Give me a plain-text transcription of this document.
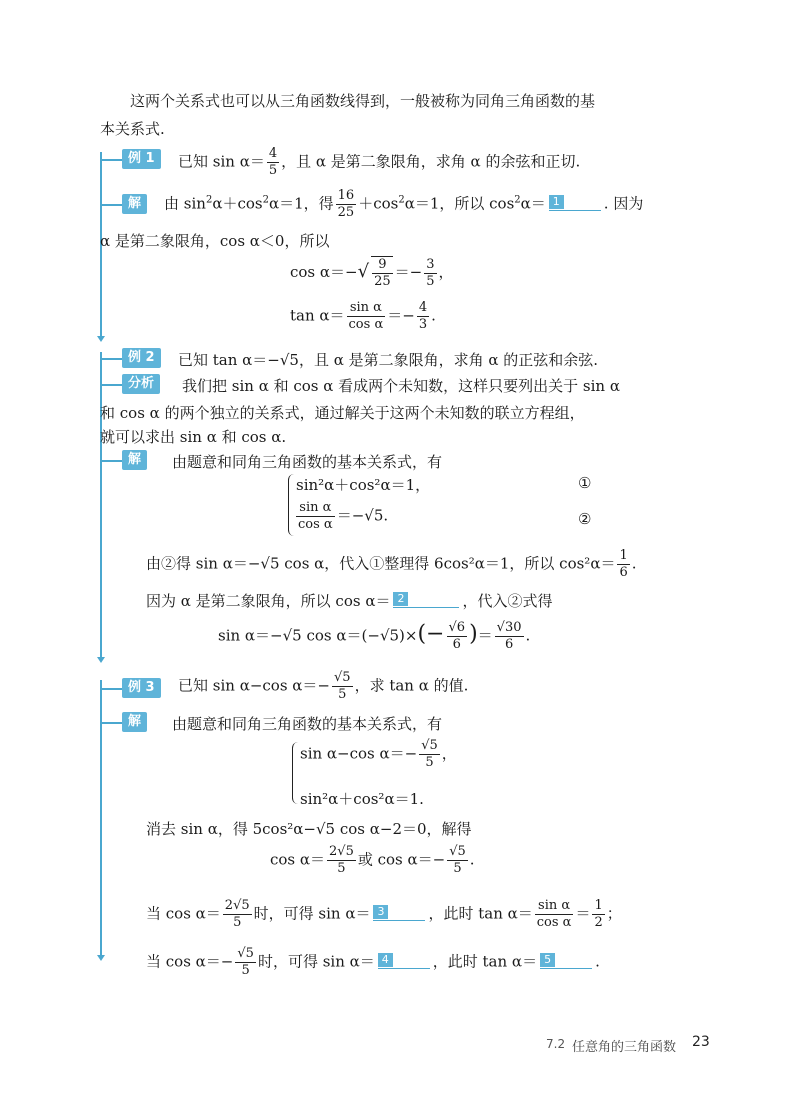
这两个关系式也可以从三角函数线得到，一般被称为同角三角函数的基
本关系式.
例 1	已知 $\sin \alpha= \frac{4}{5}$ ，且 α 是第二象限角，求角 α 的余弦和正切.
解	由 $\sin^2\alpha+\cos^2\alpha=1$，得 $\frac{16}{25} +\cos^2\alpha=1$，所以 $\cos^2\alpha= 1$	. 因为
α 是第二象限角，cos α＜0，所以
$\cos \alpha=-√ \frac{9}{25} =- \frac{3}{5}$ ，
$\tan \alpha= \frac{\text{sin α}}{\text{cos α}} =- \frac{4}{3}$ .
例 2	已知 tan α＝−√5，且 α 是第二象限角，求角 α 的正弦和余弦.
分析	我们把 sin α 和 cos α 看成两个未知数，这样只要列出关于 sin α
和 cos α 的两个独立的关系式，通过解关于这两个未知数的联立方程组，
就可以求出 sin α 和 cos α.
解	由题意和同角三角函数的基本关系式，有
sin²α＋cos²α＝1，	①
$\frac{\text{sin α}}{\text{cos α}} =-√5$.	②
由②得 sin α＝−√5 cos α，代入①整理得 6cos²α＝1，所以 $\cos^2\alpha= \frac{1}{6}$ .
因为 α 是第二象限角，所以 cos α＝ 2	，代入②式得
sin α＝−√5 $\cos \alpha=(-√5)\times(- \frac{√6}{6}$ )＝ $\frac{√30}{6}$ .
例 3	已知 sin α−cos $\alpha=- \frac{√5}{5}$ ，求 tan α 的值.
解	由题意和同角三角函数的基本关系式，有
sin α−cos $\alpha=- \frac{√5}{5}$ ，
sin²α＋cos²α＝1.
消去 sin α，得 5cos²α−√5 cos α−2＝0，解得
$\cos \alpha= \frac{2√5}{5}$ 或 $\cos \alpha=- \frac{√5}{5}$ .
当 $\cos \alpha= \frac{2√5}{5}$ 时，可得 sin α＝ 3	，此时 $\tan \alpha= \frac{\text{sin α}}{\text{cos α}} = \frac{1}{2}$ ；
当 $\cos \alpha=- \frac{√5}{5}$ 时，可得 sin α＝ 4	，此时 tan α＝ 5	.
7.2 任意角的三角函数 23
